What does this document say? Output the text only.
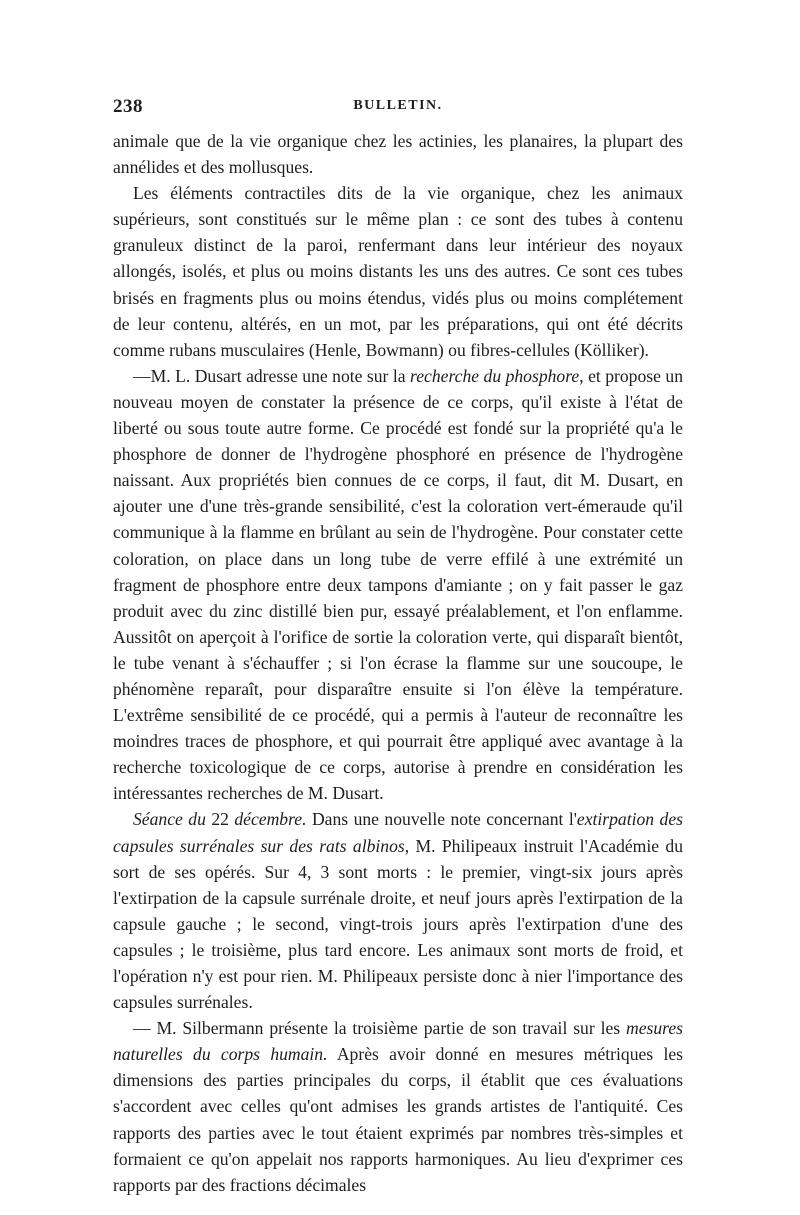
238	BULLETIN.

animale que de la vie organique chez les actinies, les planaires, la plupart des annélides et des mollusques.

Les éléments contractiles dits de la vie organique, chez les animaux supérieurs, sont constitués sur le même plan : ce sont des tubes à contenu granuleux distinct de la paroi, renfermant dans leur intérieur des noyaux allongés, isolés, et plus ou moins distants les uns des autres. Ce sont ces tubes brisés en fragments plus ou moins étendus, vidés plus ou moins complétement de leur contenu, altérés, en un mot, par les préparations, qui ont été décrits comme rubans musculaires (Henle, Bowmann) ou fibres-cellules (Kölliker).

—M. L. Dusart adresse une note sur la recherche du phosphore, et propose un nouveau moyen de constater la présence de ce corps, qu'il existe à l'état de liberté ou sous toute autre forme. Ce procédé est fondé sur la propriété qu'a le phosphore de donner de l'hydrogène phosphoré en présence de l'hydrogène naissant. Aux propriétés bien connues de ce corps, il faut, dit M. Dusart, en ajouter une d'une très-grande sensibilité, c'est la coloration vert-émeraude qu'il communique à la flamme en brûlant au sein de l'hydrogène. Pour constater cette coloration, on place dans un long tube de verre effilé à une extrémité un fragment de phosphore entre deux tampons d'amiante ; on y fait passer le gaz produit avec du zinc distillé bien pur, essayé préalablement, et l'on enflamme. Aussitôt on aperçoit à l'orifice de sortie la coloration verte, qui disparaît bientôt, le tube venant à s'échauffer ; si l'on écrase la flamme sur une soucoupe, le phénomène reparaît, pour disparaître ensuite si l'on élève la température. L'extrême sensibilité de ce procédé, qui a permis à l'auteur de reconnaître les moindres traces de phosphore, et qui pourrait être appliqué avec avantage à la recherche toxicologique de ce corps, autorise à prendre en considération les intéressantes recherches de M. Dusart.

Séance du 22 décembre. Dans une nouvelle note concernant l'extirpation des capsules surrénales sur des rats albinos, M. Philipeaux instruit l'Académie du sort de ses opérés. Sur 4, 3 sont morts : le premier, vingt-six jours après l'extirpation de la capsule surrénale droite, et neuf jours après l'extirpation de la capsule gauche ; le second, vingt-trois jours après l'extirpation d'une des capsules ; le troisième, plus tard encore. Les animaux sont morts de froid, et l'opération n'y est pour rien. M. Philipeaux persiste donc à nier l'importance des capsules surrénales.

— M. Silbermann présente la troisième partie de son travail sur les mesures naturelles du corps humain. Après avoir donné en mesures métriques les dimensions des parties principales du corps, il établit que ces évaluations s'accordent avec celles qu'ont admises les grands artistes de l'antiquité. Ces rapports des parties avec le tout étaient exprimés par nombres très-simples et formaient ce qu'on appelait nos rapports harmoniques. Au lieu d'exprimer ces rapports par des fractions décimales
